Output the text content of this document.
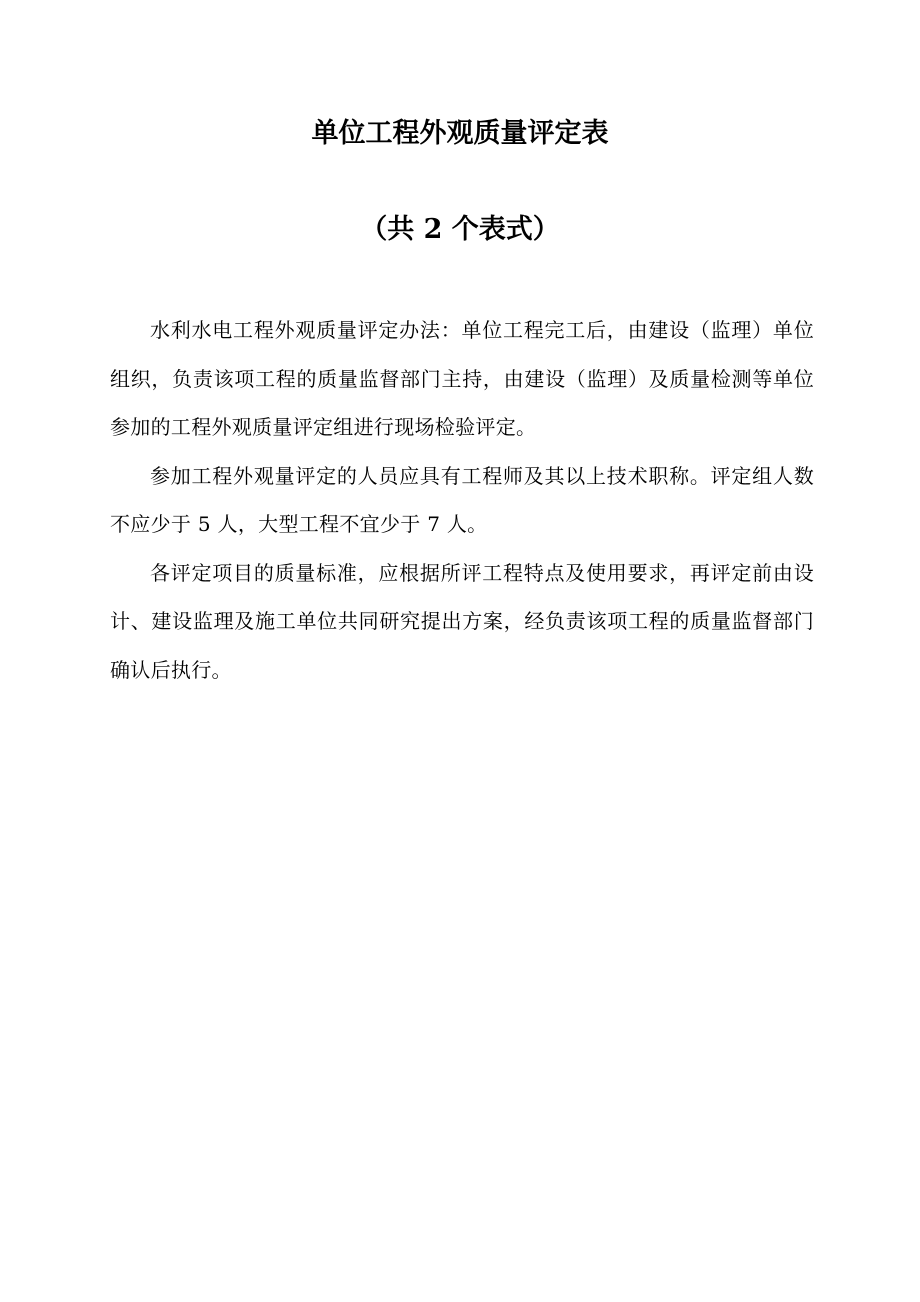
单位工程外观质量评定表
（共 2 个表式）

水利水电工程外观质量评定办法：单位工程完工后，由建设（监理）单位组织，负责该项工程的质量监督部门主持，由建设（监理）及质量检测等单位参加的工程外观质量评定组进行现场检验评定。

参加工程外观量评定的人员应具有工程师及其以上技术职称。评定组人数不应少于 5 人，大型工程不宜少于 7 人。

各评定项目的质量标准，应根据所评工程特点及使用要求，再评定前由设计、建设监理及施工单位共同研究提出方案，经负责该项工程的质量监督部门确认后执行。
